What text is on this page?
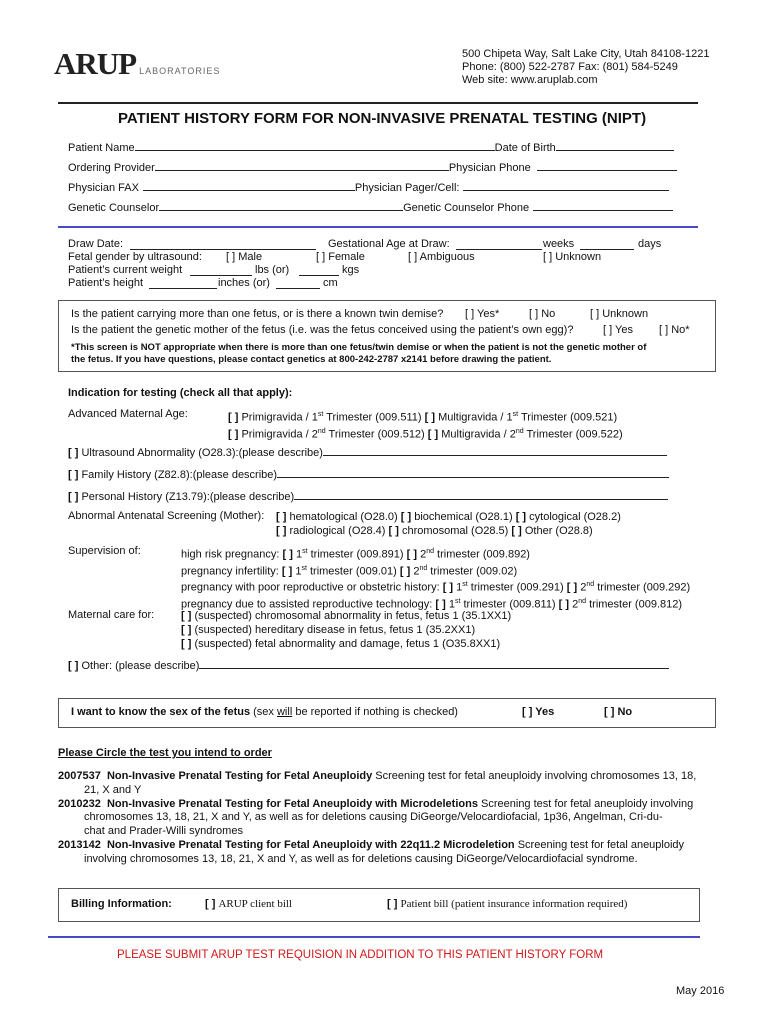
ARUP LABORATORIES
500 Chipeta Way, Salt Lake City, Utah 84108-1221
Phone: (800) 522-2787 Fax: (801) 584-5249
Web site: www.aruplab.com
PATIENT HISTORY FORM FOR NON-INVASIVE PRENATAL TESTING (NIPT)
Patient Name	Date of Birth
Ordering Provider	Physician Phone
Physician FAX	Physician Pager/Cell:
Genetic Counselor	Genetic Counselor Phone
Draw Date:	Gestational Age at Draw:	weeks	days
Fetal gender by ultrasound: [ ] Male	[ ] Female	[ ] Ambiguous	[ ] Unknown
Patient’s current weight	lbs (or)	kgs
Patient’s height	inches (or)	cm
Is the patient carrying more than one fetus, or is there a known twin demise? [ ] Yes*	[ ] No	[ ] Unknown
Is the patient the genetic mother of the fetus (i.e. was the fetus conceived using the patient’s own egg)?	[ ] Yes [ ] No*
*This screen is NOT appropriate when there is more than one fetus/twin demise or when the patient is not the genetic mother of
the fetus. If you have questions, please contact genetics at 800-242-2787 x2141 before drawing the patient.
Indication for testing (check all that apply):
Advanced Maternal Age:	[ ] Primigravida / 1st Trimester (009.511) [ ] Multigravida / 1st Trimester (009.521)
[ ] Primigravida / 2nd Trimester (009.512) [ ] Multigravida / 2nd Trimester (009.522)
[ ] Ultrasound Abnormality (O28.3):(please describe)
[ ] Family History (Z82.8):(please describe)
[ ] Personal History (Z13.79):(please describe)
Abnormal Antenatal Screening (Mother): [ ] hematological (O28.0) [ ] biochemical (O28.1) [ ] cytological (O28.2)
[ ] radiological (O28.4) [ ] chromosomal (O28.5) [ ] Other (O28.8)
Supervision of:	high risk pregnancy: [ ] 1st trimester (009.891) [ ] 2nd trimester (009.892)
pregnancy infertility: [ ] 1st trimester (009.01) [ ] 2nd trimester (009.02)
pregnancy with poor reproductive or obstetric history: [ ] 1st trimester (009.291) [ ] 2nd trimester (009.292)
pregnancy due to assisted reproductive technology: [ ] 1st trimester (009.811) [ ] 2nd trimester (009.812)
Maternal care for: [ ] (suspected) chromosomal abnormality in fetus, fetus 1 (35.1XX1)
[ ] (suspected) hereditary disease in fetus, fetus 1 (35.2XX1)
[ ] (suspected) fetal abnormality and damage, fetus 1 (O35.8XX1)
[ ] Other: (please describe)
I want to know the sex of the fetus (sex will be reported if nothing is checked)	[ ] Yes	[ ] No
Please Circle the test you intend to order
2007537 Non-Invasive Prenatal Testing for Fetal Aneuploidy Screening test for fetal aneuploidy involving chromosomes 13, 18,
21, X and Y
2010232 Non-Invasive Prenatal Testing for Fetal Aneuploidy with Microdeletions Screening test for fetal aneuploidy involving
chromosomes 13, 18, 21, X and Y, as well as for deletions causing DiGeorge/Velocardiofacial, 1p36, Angelman, Cri-du-
chat and Prader-Willi syndromes
2013142 Non-Invasive Prenatal Testing for Fetal Aneuploidy with 22q11.2 Microdeletion Screening test for fetal aneuploidy
involving chromosomes 13, 18, 21, X and Y, as well as for deletions causing DiGeorge/Velocardiofacial syndrome.
Billing Information:	[ ] ARUP client bill	[ ] Patient bill (patient insurance information required)
PLEASE SUBMIT ARUP TEST REQUISION IN ADDITION TO THIS PATIENT HISTORY FORM
May 2016
